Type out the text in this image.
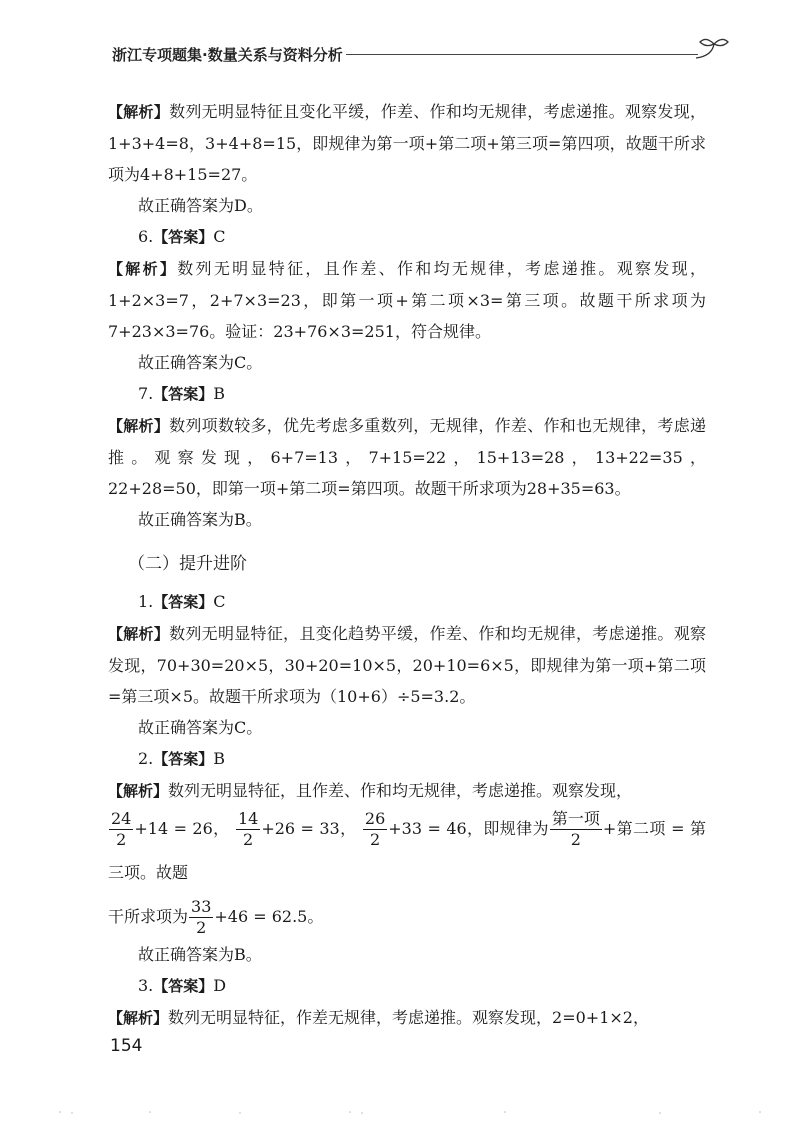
浙江专项题集·数量关系与资料分析

【解析】数列无明显特征且变化平缓，作差、作和均无规律，考虑递推。观察发现，1+3+4=8，3+4+8=15，即规律为第一项+第二项+第三项=第四项，故题干所求项为4+8+15=27。

故正确答案为D。

6.【答案】C

【解析】数列无明显特征，且作差、作和均无规律，考虑递推。观察发现，1+2×3=7，2+7×3=23，即第一项+第二项×3=第三项。故题干所求项为7+23×3=76。验证：23+76×3=251，符合规律。

故正确答案为C。

7.【答案】B

【解析】数列项数较多，优先考虑多重数列，无规律，作差、作和也无规律，考虑递推。观察发现，6+7=13，7+15=22，15+13=28，13+22=35，22+28=50，即第一项+第二项=第四项。故题干所求项为28+35=63。

故正确答案为B。

（二）提升进阶

1.【答案】C

【解析】数列无明显特征，且变化趋势平缓，作差、作和均无规律，考虑递推。观察发现，70+30=20×5，30+20=10×5，20+10=6×5，即规律为第一项+第二项=第三项×5。故题干所求项为（10+6）÷5=3.2。

故正确答案为C。

2.【答案】B

【解析】数列无明显特征，且作差、作和均无规律，考虑递推。观察发现，

$\frac{24}{2} +14 = 26$， $\frac{14}{2} +26 = 33$， $\frac{26}{2} +33 = 46$，即规律为 $\frac{\text{第一项}}{2}$ +第二项 = 第三项。故题

干所求项为 $\frac{33}{2} +46 = 62.5$。

故正确答案为B。

3.【答案】D

【解析】数列无明显特征，作差无规律，考虑递推。观察发现，2=0+1×2，

154
